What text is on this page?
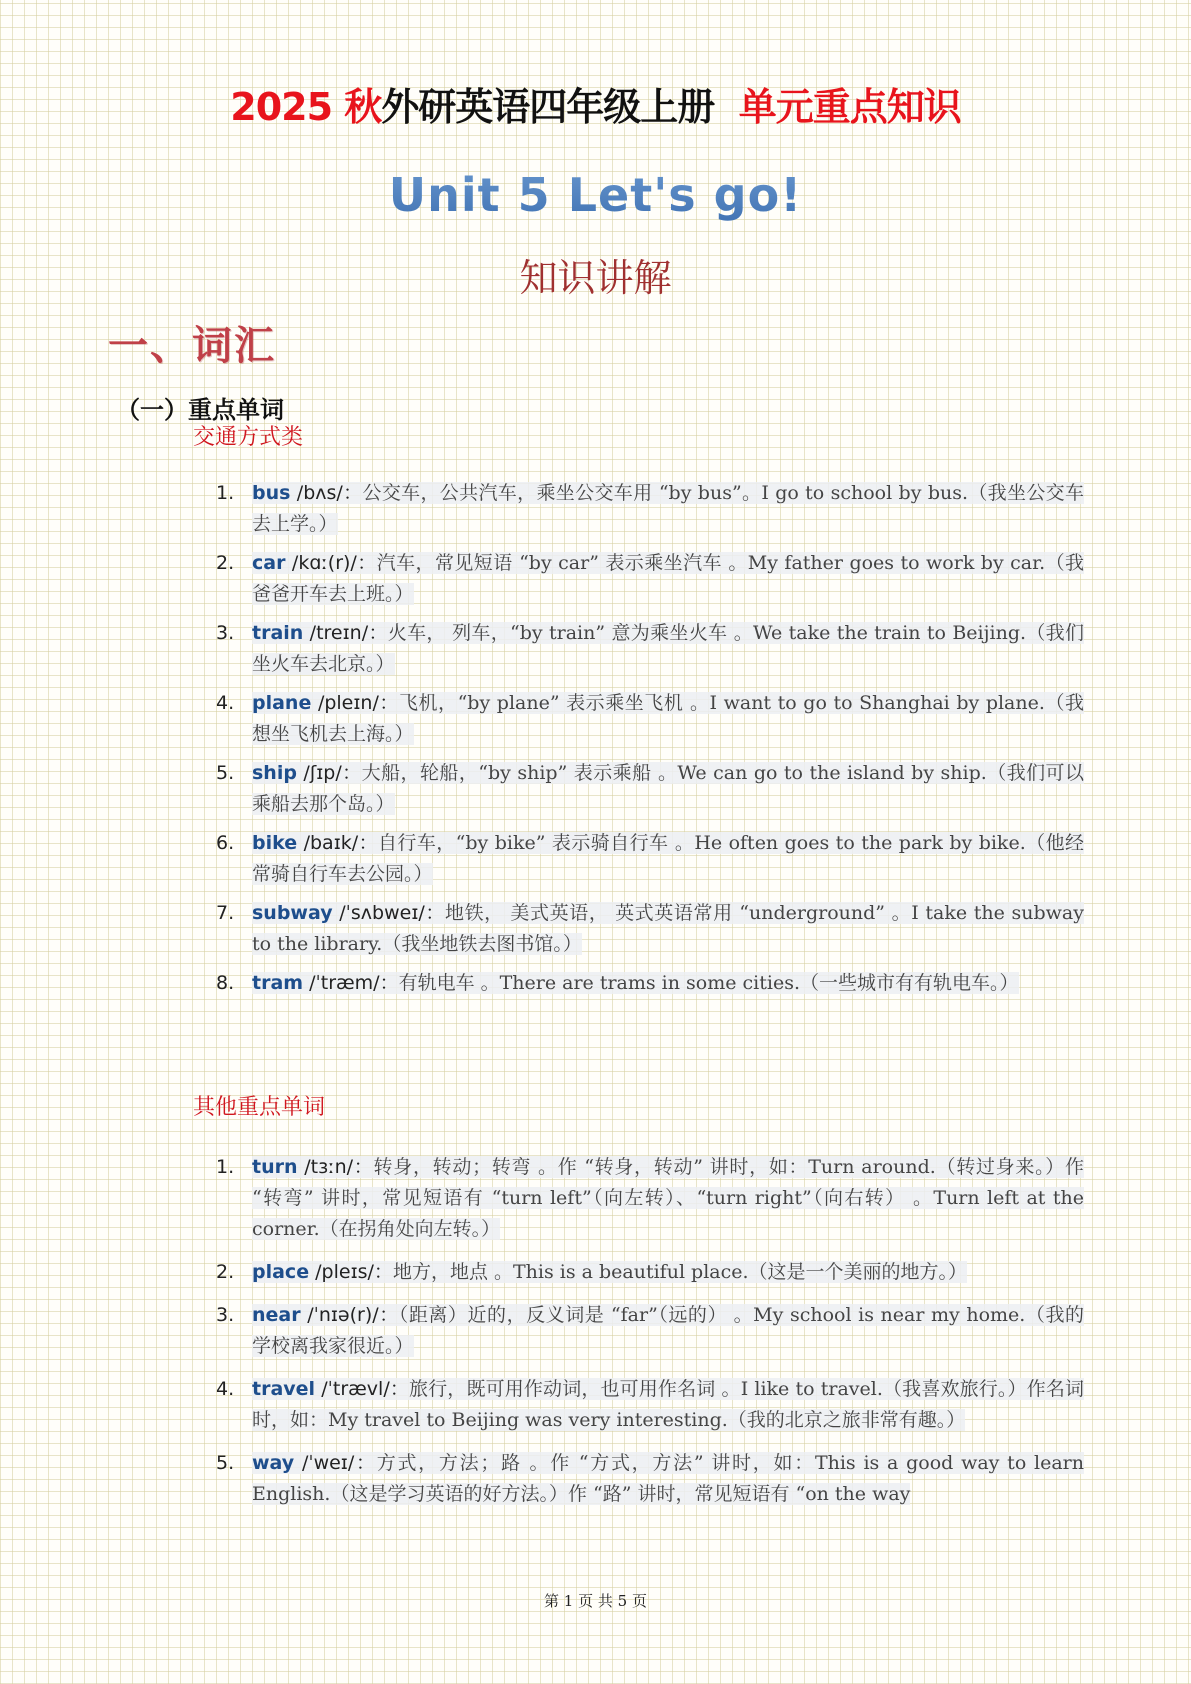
2025 秋外研英语四年级上册 单元重点知识
Unit 5 Let's go!
知识讲解
一、词汇
（一）重点单词
交通方式类
1. bus /bʌs/：公交车，公共汽车，乘坐公交车用 “by bus”。I go to school by bus.（我坐公交车去上学。）
2. car /kɑː(r)/：汽车，常见短语 “by car” 表示乘坐汽车 。My father goes to work by car.（我爸爸开车去上班。）
3. train /treɪn/：火车， 列车，“by train” 意为乘坐火车 。We take the train to Beijing.（我们坐火车去北京。）
4. plane /pleɪn/：飞机，“by plane” 表示乘坐飞机 。I want to go to Shanghai by plane.（我想坐飞机去上海。）
5. ship /ʃɪp/：大船，轮船，“by ship” 表示乘船 。We can go to the island by ship.（我们可以乘船去那个岛。）
6. bike /baɪk/：自行车，“by bike” 表示骑自行车 。He often goes to the park by bike.（他经常骑自行车去公园。）
7. subway /ˈsʌbweɪ/：地铁， 美式英语， 英式英语常用 “underground” 。I take the subway to the library.（我坐地铁去图书馆。）
8. tram /ˈtræm/：有轨电车 。There are trams in some cities.（一些城市有有轨电车。）
其他重点单词
1. turn /tɜːn/：转身，转动；转弯 。作 “转身，转动” 讲时，如：Turn around.（转过身来。）作 “转弯” 讲时，常见短语有 “turn left”（向左转）、“turn right”（向右转） 。Turn left at the corner.（在拐角处向左转。）
2. place /pleɪs/：地方，地点 。This is a beautiful place.（这是一个美丽的地方。）
3. near /ˈnɪə(r)/：（距离）近的，反义词是 “far”（远的） 。My school is near my home.（我的学校离我家很近。）
4. travel /ˈtrævl/：旅行，既可用作动词，也可用作名词 。I like to travel.（我喜欢旅行。）作名词时，如：My travel to Beijing was very interesting.（我的北京之旅非常有趣。）
5. way /ˈweɪ/：方式，方法；路 。作 “方式，方法” 讲时，如：This is a good way to learn English.（这是学习英语的好方法。）作 “路” 讲时，常见短语有 “on the way
第 1 页 共 5 页
